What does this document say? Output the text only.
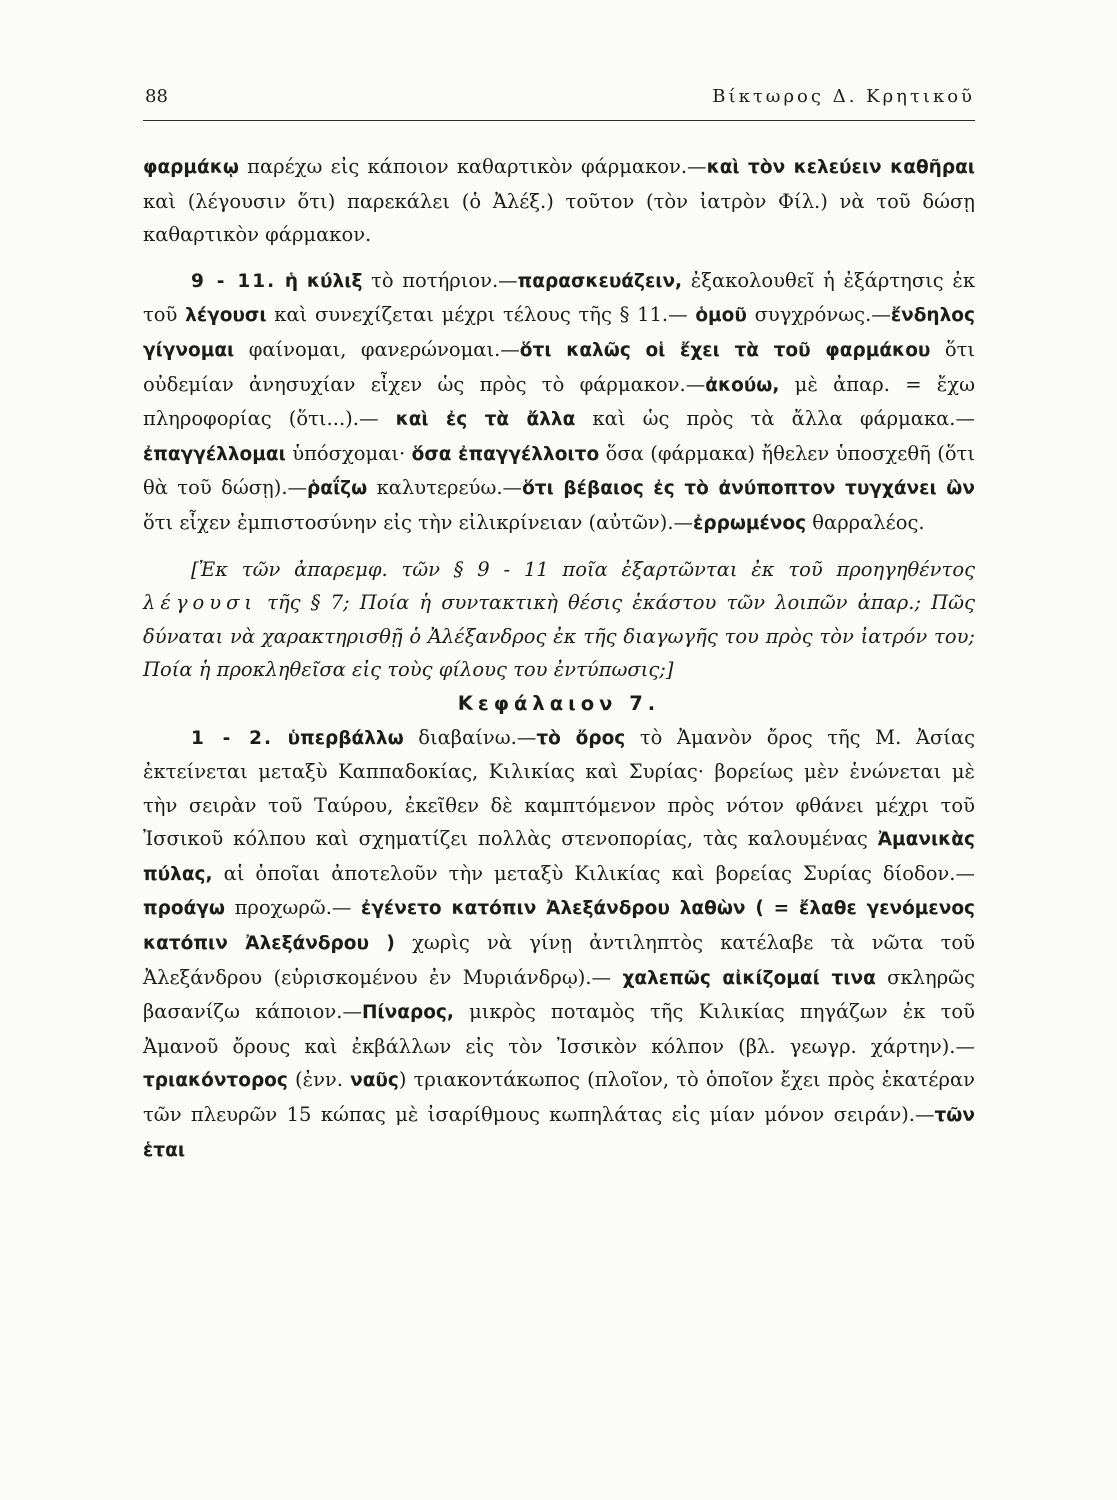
88	Βίκτωρος Δ. Κρητικοῦ

φαρμάκῳ παρέχω εἰς κάποιον καθαρτικὸν φάρμακον.—καὶ τὸν κελεύειν καθῆραι καὶ (λέγουσιν ὅτι) παρεκάλει (ὁ Ἀλέξ.) τοῦτον (τὸν ἰατρὸν Φίλ.) νὰ τοῦ δώσῃ καθαρτικὸν φάρμακον.

9 - 11. ἡ κύλιξ τὸ ποτήριον.—παρασκευάζειν, ἐξακολουθεῖ ἡ ἐξάρτησις ἐκ τοῦ λέγουσι καὶ συνεχίζεται μέχρι τέλους τῆς § 11.— ὁμοῦ συγχρόνως.—ἔνδηλος γίγνομαι φαίνομαι, φανερώνομαι.—ὅτι καλῶς οἱ ἔχει τὰ τοῦ φαρμάκου ὅτι οὐδεμίαν ἀνησυχίαν εἶχεν ὡς πρὸς τὸ φάρμακον.—ἀκούω, μὲ ἀπαρ. = ἔχω πληροφορίας (ὅτι...).— καὶ ἐς τὰ ἄλλα καὶ ὡς πρὸς τὰ ἄλλα φάρμακα.—ἐπαγγέλλομαι ὑπόσχομαι· ὅσα ἐπαγγέλλοιτο ὅσα (φάρμακα) ἤθελεν ὑποσχεθῆ (ὅτι θὰ τοῦ δώσῃ).—ῥαΐζω καλυτερεύω.—ὅτι βέβαιος ἐς τὸ ἀνύποπτον τυγχάνει ὢν ὅτι εἶχεν ἐμπιστοσύνην εἰς τὴν εἰλικρίνειαν (αὐτῶν).—ἐρρωμένος θαρραλέος.

[Ἐκ τῶν ἀπαρεμφ. τῶν § 9 - 11 ποῖα ἐξαρτῶνται ἐκ τοῦ προηγηθέντος λέγουσι τῆς § 7; Ποία ἡ συντακτικὴ θέσις ἑκάστου τῶν λοιπῶν ἀπαρ.; Πῶς δύναται νὰ χαρακτηρισθῇ ὁ Ἀλέξανδρος ἐκ τῆς διαγωγῆς του πρὸς τὸν ἰατρόν του; Ποία ἡ προκληθεῖσα εἰς τοὺς φίλους του ἐντύπωσις;]

Κεφάλαιον 7.

1 - 2. ὑπερβάλλω διαβαίνω.—τὸ ὄρος τὸ Ἀμανὸν ὄρος τῆς Μ. Ἀσίας ἐκτείνεται μεταξὺ Καππαδοκίας, Κιλικίας καὶ Συρίας· βορείως μὲν ἑνώνεται μὲ τὴν σειρὰν τοῦ Ταύρου, ἐκεῖθεν δὲ καμπτόμενον πρὸς νότον φθάνει μέχρι τοῦ Ἰσσικοῦ κόλπου καὶ σχηματίζει πολλὰς στενοπορίας, τὰς καλουμένας Ἀμανικὰς πύλας, αἱ ὁποῖαι ἀποτελοῦν τὴν μεταξὺ Κιλικίας καὶ βορείας Συρίας δίοδον.—προάγω προχωρῶ.— ἐγένετο κατόπιν Ἀλεξάνδρου λαθὼν ( = ἔλαθε γενόμενος κατόπιν Ἀλεξάνδρου ) χωρὶς νὰ γίνῃ ἀντιληπτὸς κατέλαβε τὰ νῶτα τοῦ Ἀλεξάνδρου (εὑρισκομένου ἐν Μυριάνδρῳ).— χαλεπῶς αἰκίζομαί τινα σκληρῶς βασανίζω κάποιον.—Πίναρος, μικρὸς ποταμὸς τῆς Κιλικίας πηγάζων ἐκ τοῦ Ἀμανοῦ ὄρους καὶ ἐκβάλλων εἰς τὸν Ἰσσικὸν κόλπον (βλ. γεωγρ. χάρτην).—τριακόντορος (ἐνν. ναῦς) τριακοντάκωπος (πλοῖον, τὸ ὁποῖον ἔχει πρὸς ἑκατέραν τῶν πλευρῶν 15 κώπας μὲ ἰσαρίθμους κωπηλάτας εἰς μίαν μόνον σειράν).—τῶν ἑται
